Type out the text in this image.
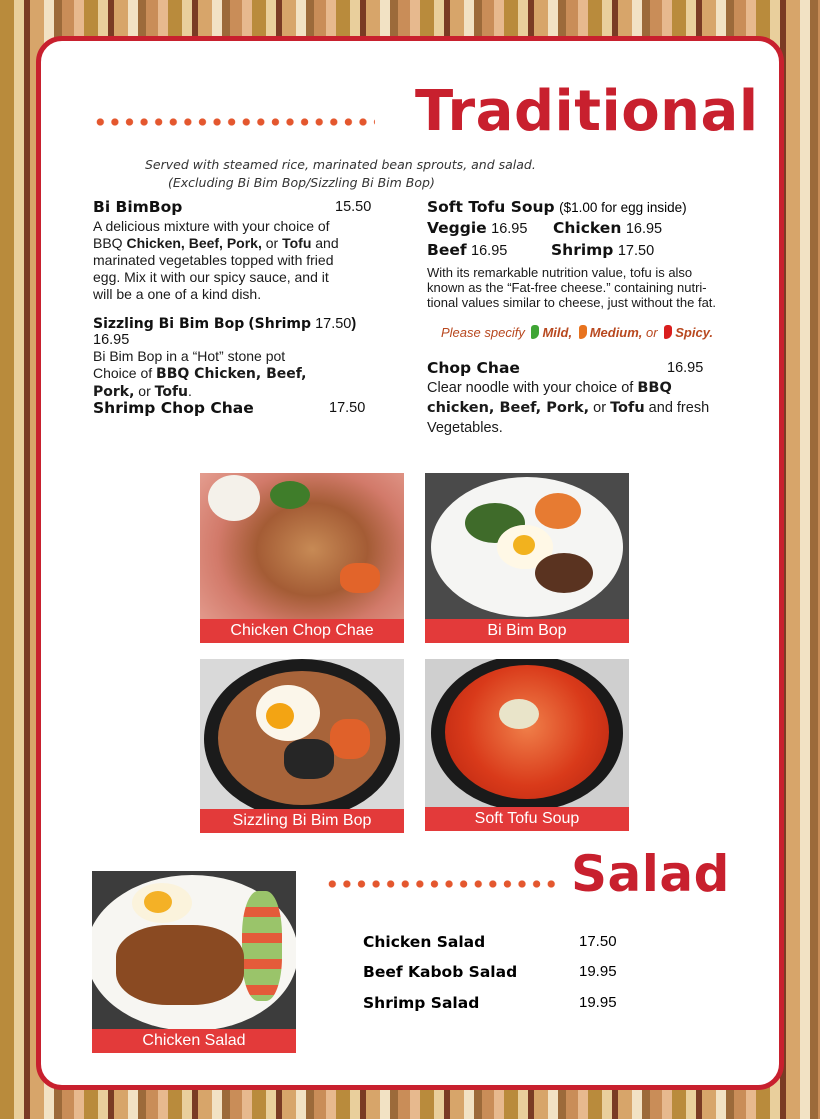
Traditional
Served with steamed rice, marinated bean sprouts, and salad.
(Excluding Bi Bim Bop/Sizzling Bi Bim Bop)
Bi BimBop	15.50
A delicious mixture with your choice of
BBQ Chicken, Beef, Pork, or Tofu and
marinated vegetables topped with fried
egg. Mix it with our spicy sauce, and it
will be a one of a kind dish.
Sizzling Bi Bim Bop (Shrimp 17.50) 16.95
Bi Bim Bop in a “Hot” stone pot
Choice of BBQ Chicken, Beef,
Pork, or Tofu.
Shrimp Chop Chae	17.50
Soft Tofu Soup ($1.00 for egg inside)
Veggie 16.95 Chicken 16.95
Beef 16.95	Shrimp 17.50
With its remarkable nutrition value, tofu is also
known as the “Fat-free cheese.” containing nutri-
tional values similar to cheese, just without the fat.
Please specify Mild, Medium, or Spicy.
Chop Chae	16.95
Clear noodle with your choice of BBQ
chicken, Beef, Pork, or Tofu and fresh
Vegetables.
Chicken Chop Chae	Bi Bim Bop
Sizzling Bi Bim Bop	Soft Tofu Soup
Salad
Chicken Salad
Chicken Salad	17.50
Beef Kabob Salad	19.95
Shrimp Salad	19.95
